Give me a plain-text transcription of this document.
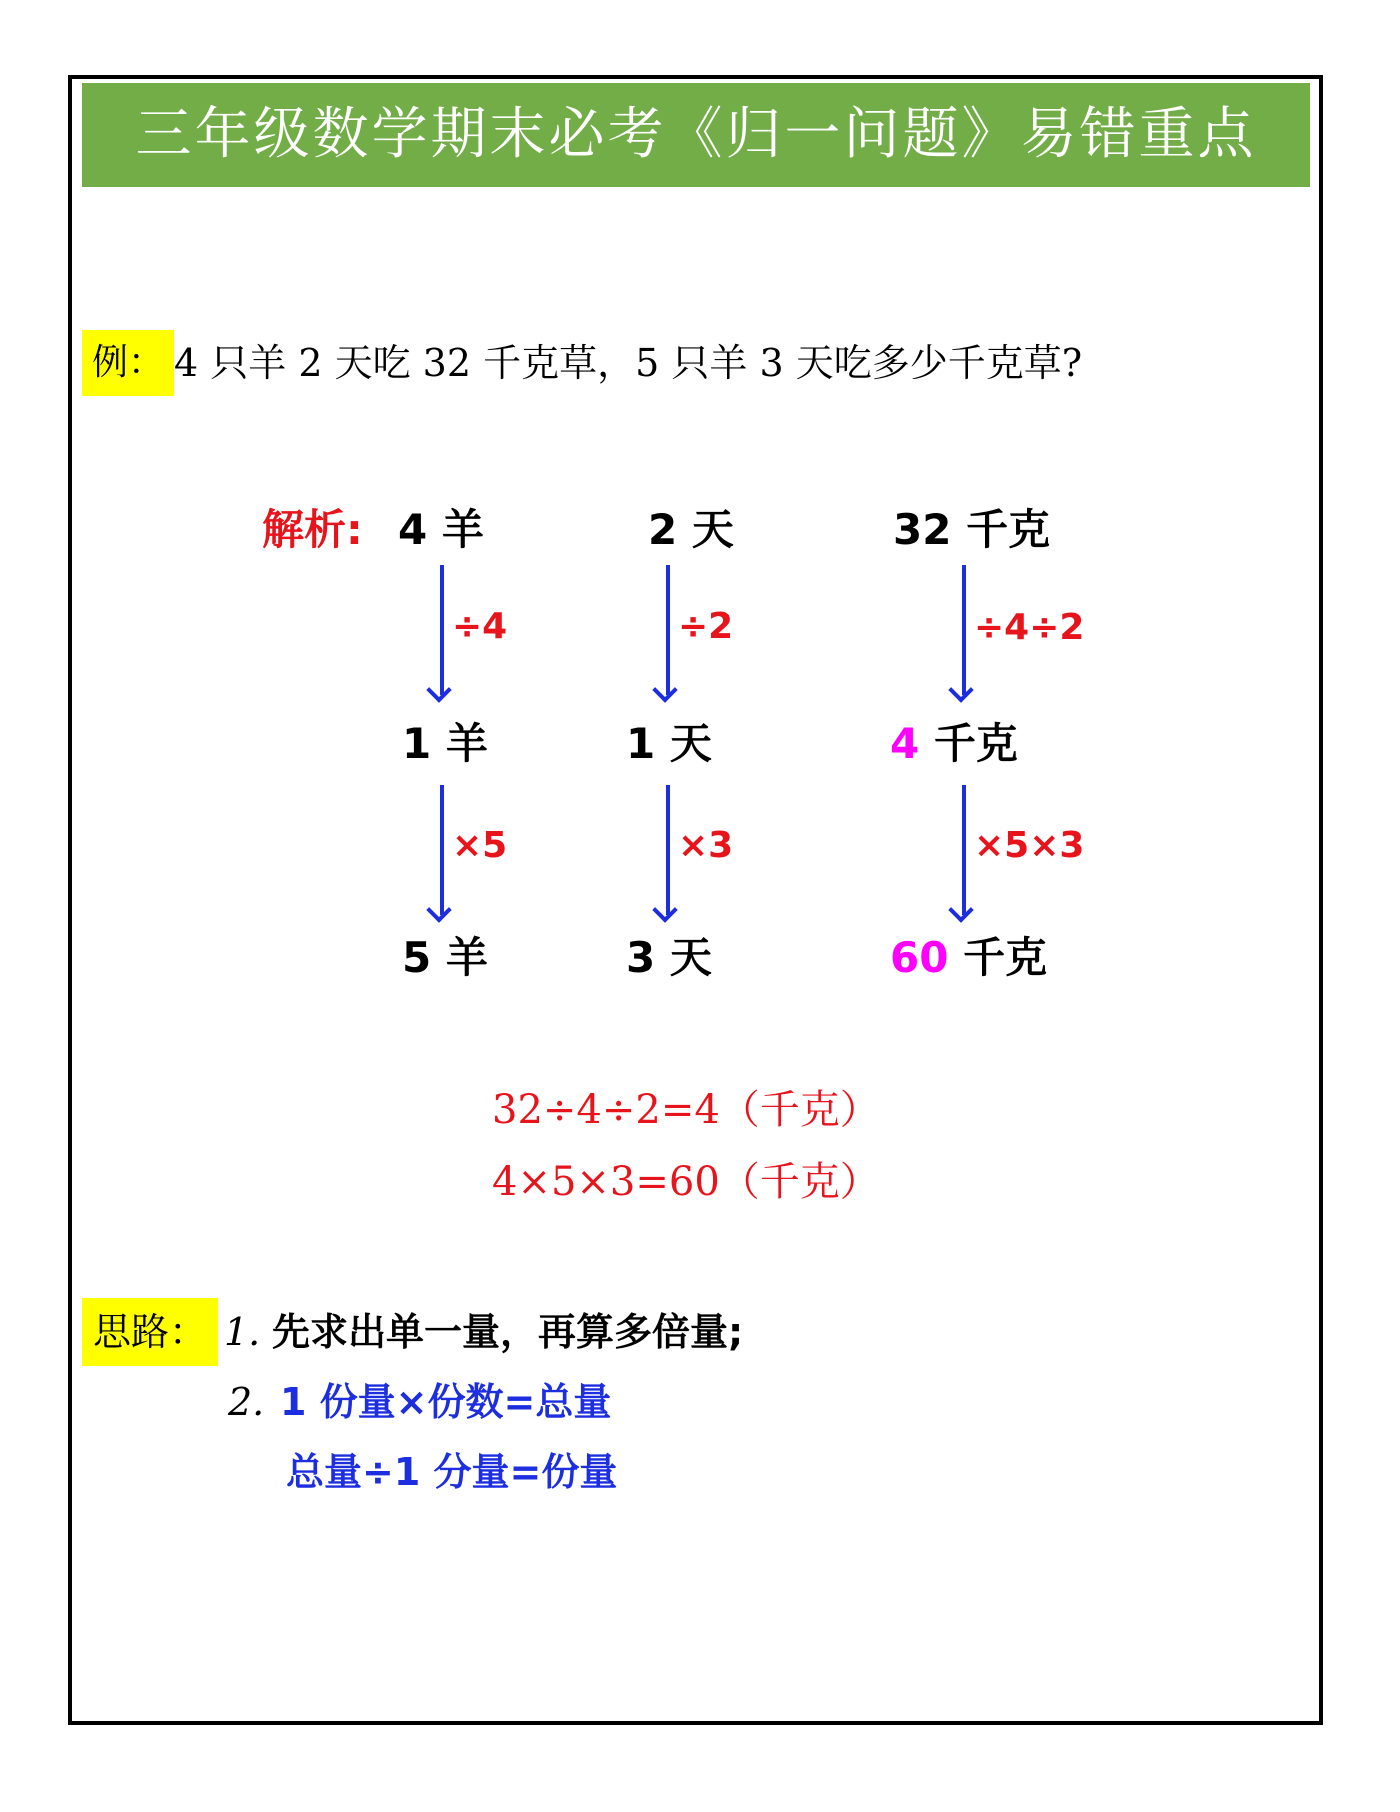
三年级数学期末必考《归一问题》易错重点
例： 4 只羊 2 天吃 32 千克草，5 只羊 3 天吃多少千克草?
解析: 4 羊
÷4
1 羊
×5
5 羊
2 天
÷2
1 天
×3
3 天
32 千克
÷4÷2
4 千克
×5×3
60 千克
32÷4÷2=4（千克）
4×5×3=60（千克）
思路： 1. 先求出单一量，再算多倍量;
2. 1 份量×份数=总量
总量÷1 分量=份量
